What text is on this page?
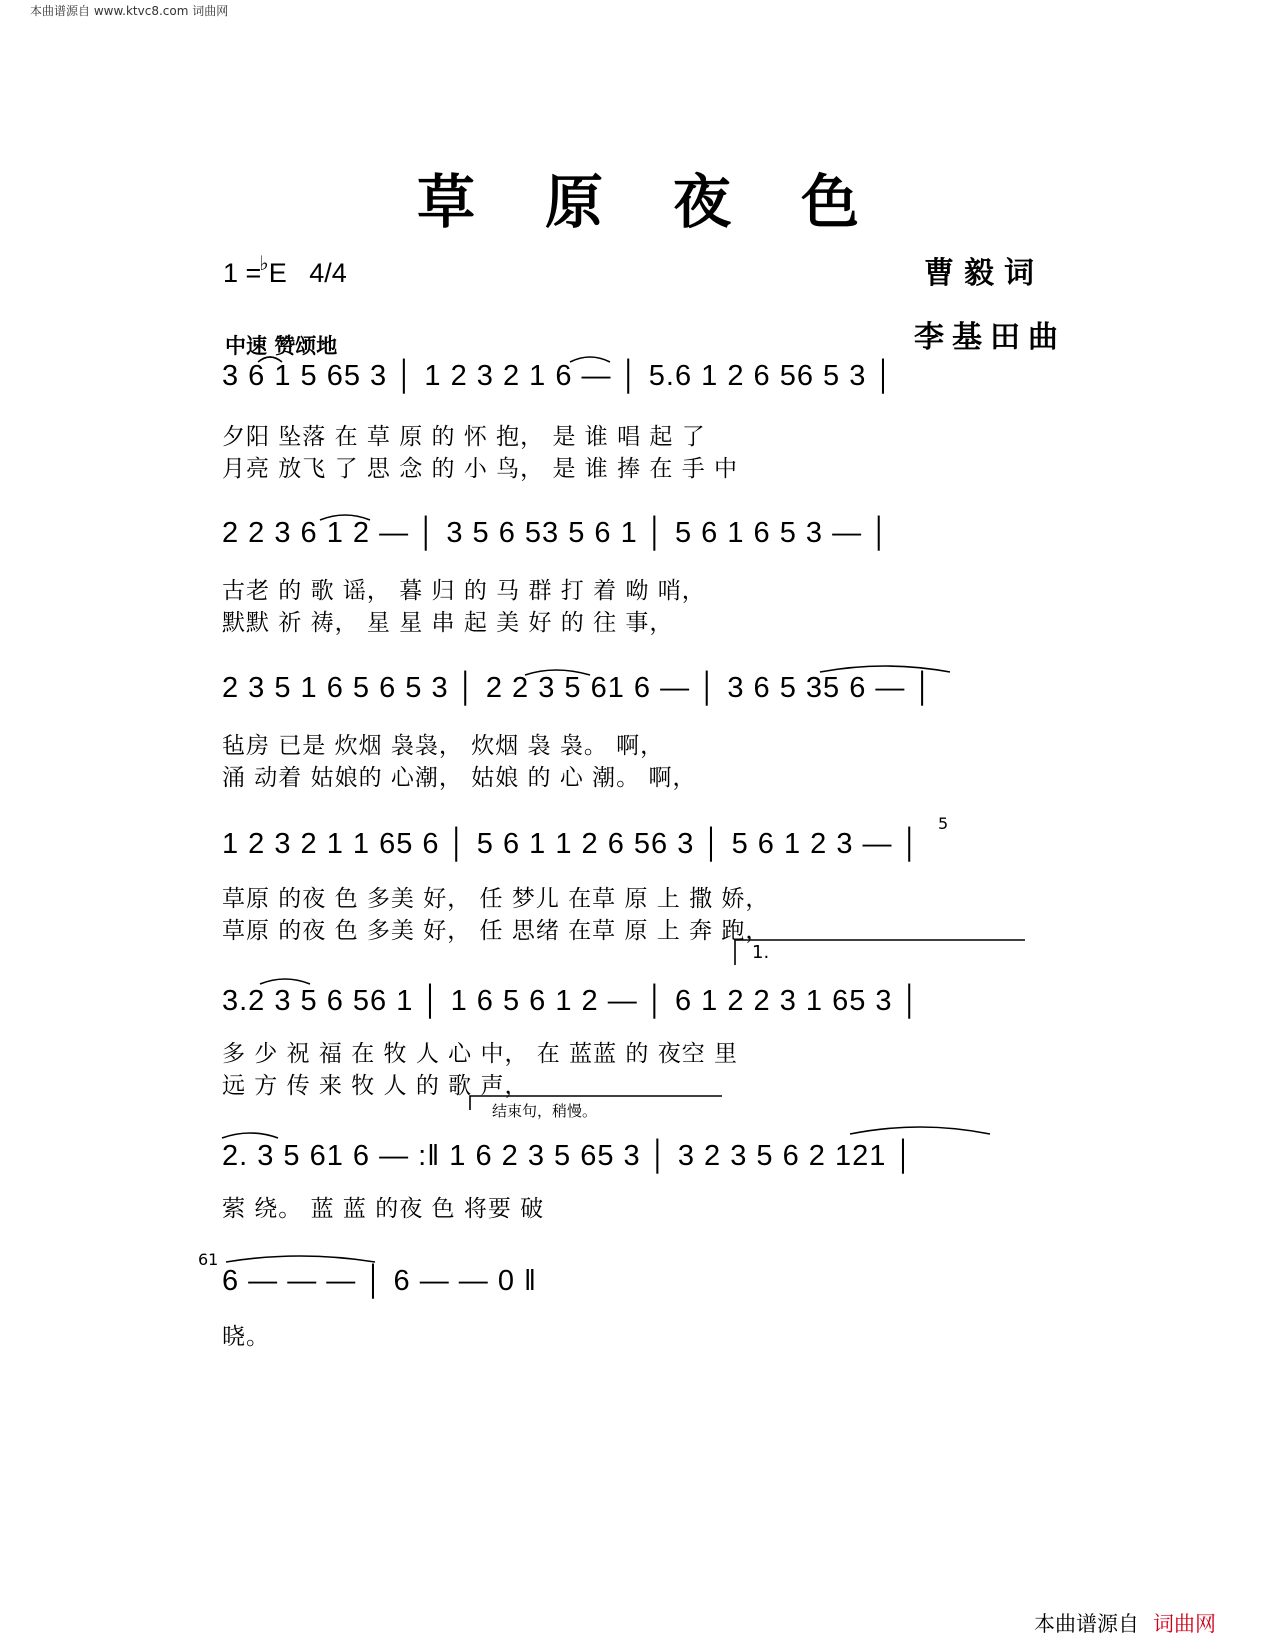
本曲谱源自 www.ktvc8.com 词曲网
草原夜色
1 =♭E 4/4	曹毅词
李基田曲
中速 赞颂地
3 6 1 5 65 3 │ 1 2 3 2 1 6 — │ 5.6 1 2 6 56 5 3 │
夕阳 坠落 在 草 原 的 怀 抱， 是 谁 唱 起 了
月亮 放飞 了 思 念 的 小 鸟， 是 谁 捧 在 手 中
2 2 3 6 1 2 — │ 3 5 6 53 5 6 1 │ 5 6 1 6 5 3 — │
古老 的 歌 谣， 暮 归 的 马 群 打 着 呦 哨，
默默 祈 祷， 星 星 串 起 美 好 的 往 事，
2 3 5 1 6 5 6 5 3 │ 2 2 3 5 61 6 — │ 3 6 5 35 6 — │
毡房 已是 炊烟 袅袅， 炊烟 袅 袅。 啊，
涌 动着 姑娘的 心潮， 姑娘 的 心 潮。 啊，
1 2 3 2 1 1 65 6 │ 5 6 1 1 2 6 56 3 │ 5 6 1 2 3 — │
5
草原 的夜 色 多美 好， 任 梦儿 在草 原 上 撒 娇，
草原 的夜 色 多美 好， 任 思绪 在草 原 上 奔 跑，
1.
3.2 3 5 6 56 1 │ 1 6 5 6 1 2 — │ 6 1 2 2 3 1 65 3 │
多 少 祝 福 在 牧 人 心 中， 在 蓝蓝 的 夜空 里
远 方 传 来 牧 人 的 歌 声，
结束句，稍慢。
2. 3 5 61 6 — :‖ 1 6 2 3 5 65 3 │ 3 2 3 5 6 2 121 │
萦 绕。 蓝 蓝 的夜 色 将要 破
61
6 — — — │ 6 — — 0 ‖
晓。
本曲谱源自 词曲网
